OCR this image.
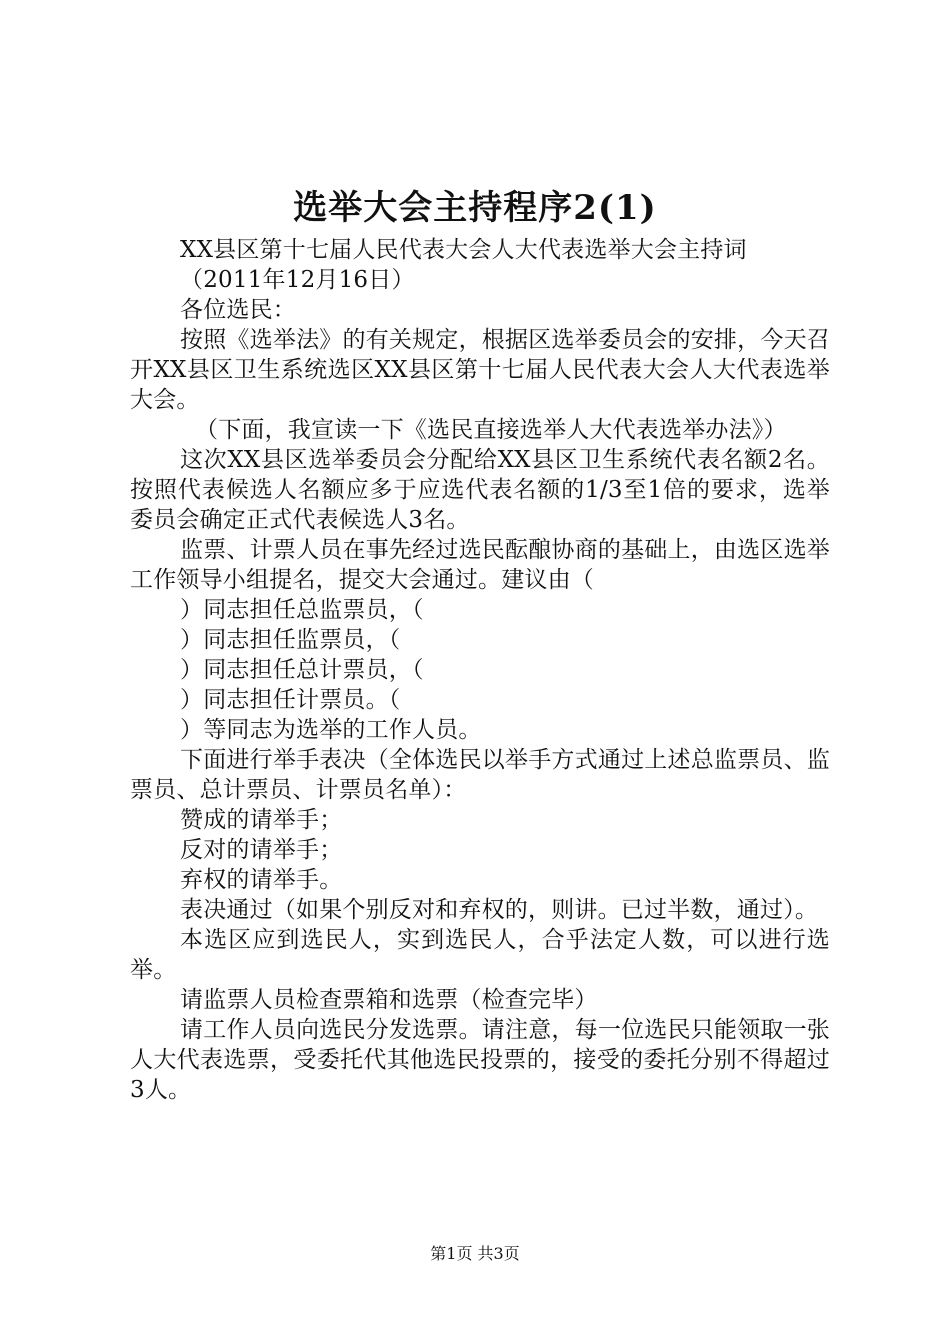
选举大会主持程序2(1)

XX县区第十七届人民代表大会人大代表选举大会主持词

（2011年12月16日）

各位选民：

按照《选举法》的有关规定，根据区选举委员会的安排，今天召开XX县区卫生系统选区XX县区第十七届人民代表大会人大代表选举大会。

（下面，我宣读一下《选民直接选举人大代表选举办法》）

这次XX县区选举委员会分配给XX县区卫生系统代表名额2名。按照代表候选人名额应多于应选代表名额的1/3至1倍的要求，选举委员会确定正式代表候选人3名。

监票、计票人员在事先经过选民酝酿协商的基础上，由选区选举工作领导小组提名，提交大会通过。建议由（

）同志担任总监票员，（

）同志担任监票员，（

）同志担任总计票员，（

）同志担任计票员。（

）等同志为选举的工作人员。

下面进行举手表决（全体选民以举手方式通过上述总监票员、监票员、总计票员、计票员名单）：

赞成的请举手；

反对的请举手；

弃权的请举手。

表决通过（如果个别反对和弃权的，则讲。已过半数，通过）。

本选区应到选民人，实到选民人，合乎法定人数，可以进行选举。

请监票人员检查票箱和选票（检查完毕）

请工作人员向选民分发选票。请注意，每一位选民只能领取一张人大代表选票，受委托代其他选民投票的，接受的委托分别不得超过3人。

第1页 共3页
